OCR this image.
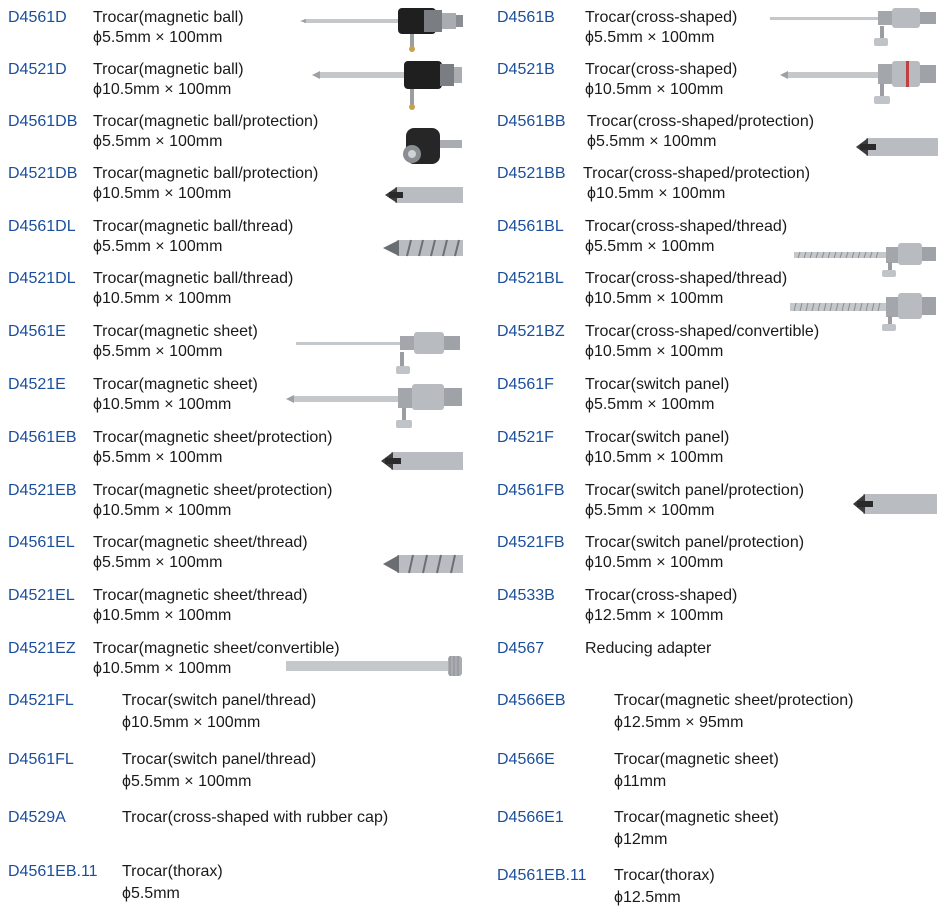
D4561D Trocar(magnetic ball)
ϕ5.5mm × 100mm
D4521D Trocar(magnetic ball)
ϕ10.5mm × 100mm
D4561DB Trocar(magnetic ball/protection)
ϕ5.5mm × 100mm
D4521DB Trocar(magnetic ball/protection)
ϕ10.5mm × 100mm
D4561DL Trocar(magnetic ball/thread)
ϕ5.5mm × 100mm
D4521DL Trocar(magnetic ball/thread)
ϕ10.5mm × 100mm
D4561E Trocar(magnetic sheet)
ϕ5.5mm × 100mm
D4521E Trocar(magnetic sheet)
ϕ10.5mm × 100mm
D4561EB Trocar(magnetic sheet/protection)
ϕ5.5mm × 100mm
D4521EB Trocar(magnetic sheet/protection)
ϕ10.5mm × 100mm
D4561EL Trocar(magnetic sheet/thread)
ϕ5.5mm × 100mm
D4521EL Trocar(magnetic sheet/thread)
ϕ10.5mm × 100mm
D4521EZ Trocar(magnetic sheet/convertible)
ϕ10.5mm × 100mm
D4521FL	Trocar(switch panel/thread)
ϕ10.5mm × 100mm
D4561FL	Trocar(switch panel/thread)
ϕ5.5mm × 100mm
D4529A	Trocar(cross-shaped with rubber cap)
D4561EB.11 Trocar(thorax)
ϕ5.5mm
D4561B Trocar(cross-shaped)
ϕ5.5mm × 100mm
D4521B Trocar(cross-shaped)
ϕ10.5mm × 100mm
D4561BB Trocar(cross-shaped/protection)
ϕ5.5mm × 100mm
D4521BB Trocar(cross-shaped/protection)
ϕ10.5mm × 100mm
D4561BL Trocar(cross-shaped/thread)
ϕ5.5mm × 100mm
D4521BL Trocar(cross-shaped/thread)
ϕ10.5mm × 100mm
D4521BZ Trocar(cross-shaped/convertible)
ϕ10.5mm × 100mm
D4561F Trocar(switch panel)
ϕ5.5mm × 100mm
D4521F Trocar(switch panel)
ϕ10.5mm × 100mm
D4561FB Trocar(switch panel/protection)
ϕ5.5mm × 100mm
D4521FB Trocar(switch panel/protection)
ϕ10.5mm × 100mm
D4533B Trocar(cross-shaped)
ϕ12.5mm × 100mm
D4567	Reducing adapter
D4566EB	Trocar(magnetic sheet/protection)
ϕ12.5mm × 95mm
D4566E	Trocar(magnetic sheet)
ϕ11mm
D4566E1	Trocar(magnetic sheet)
ϕ12mm
D4561EB.11 Trocar(thorax)
ϕ12.5mm
